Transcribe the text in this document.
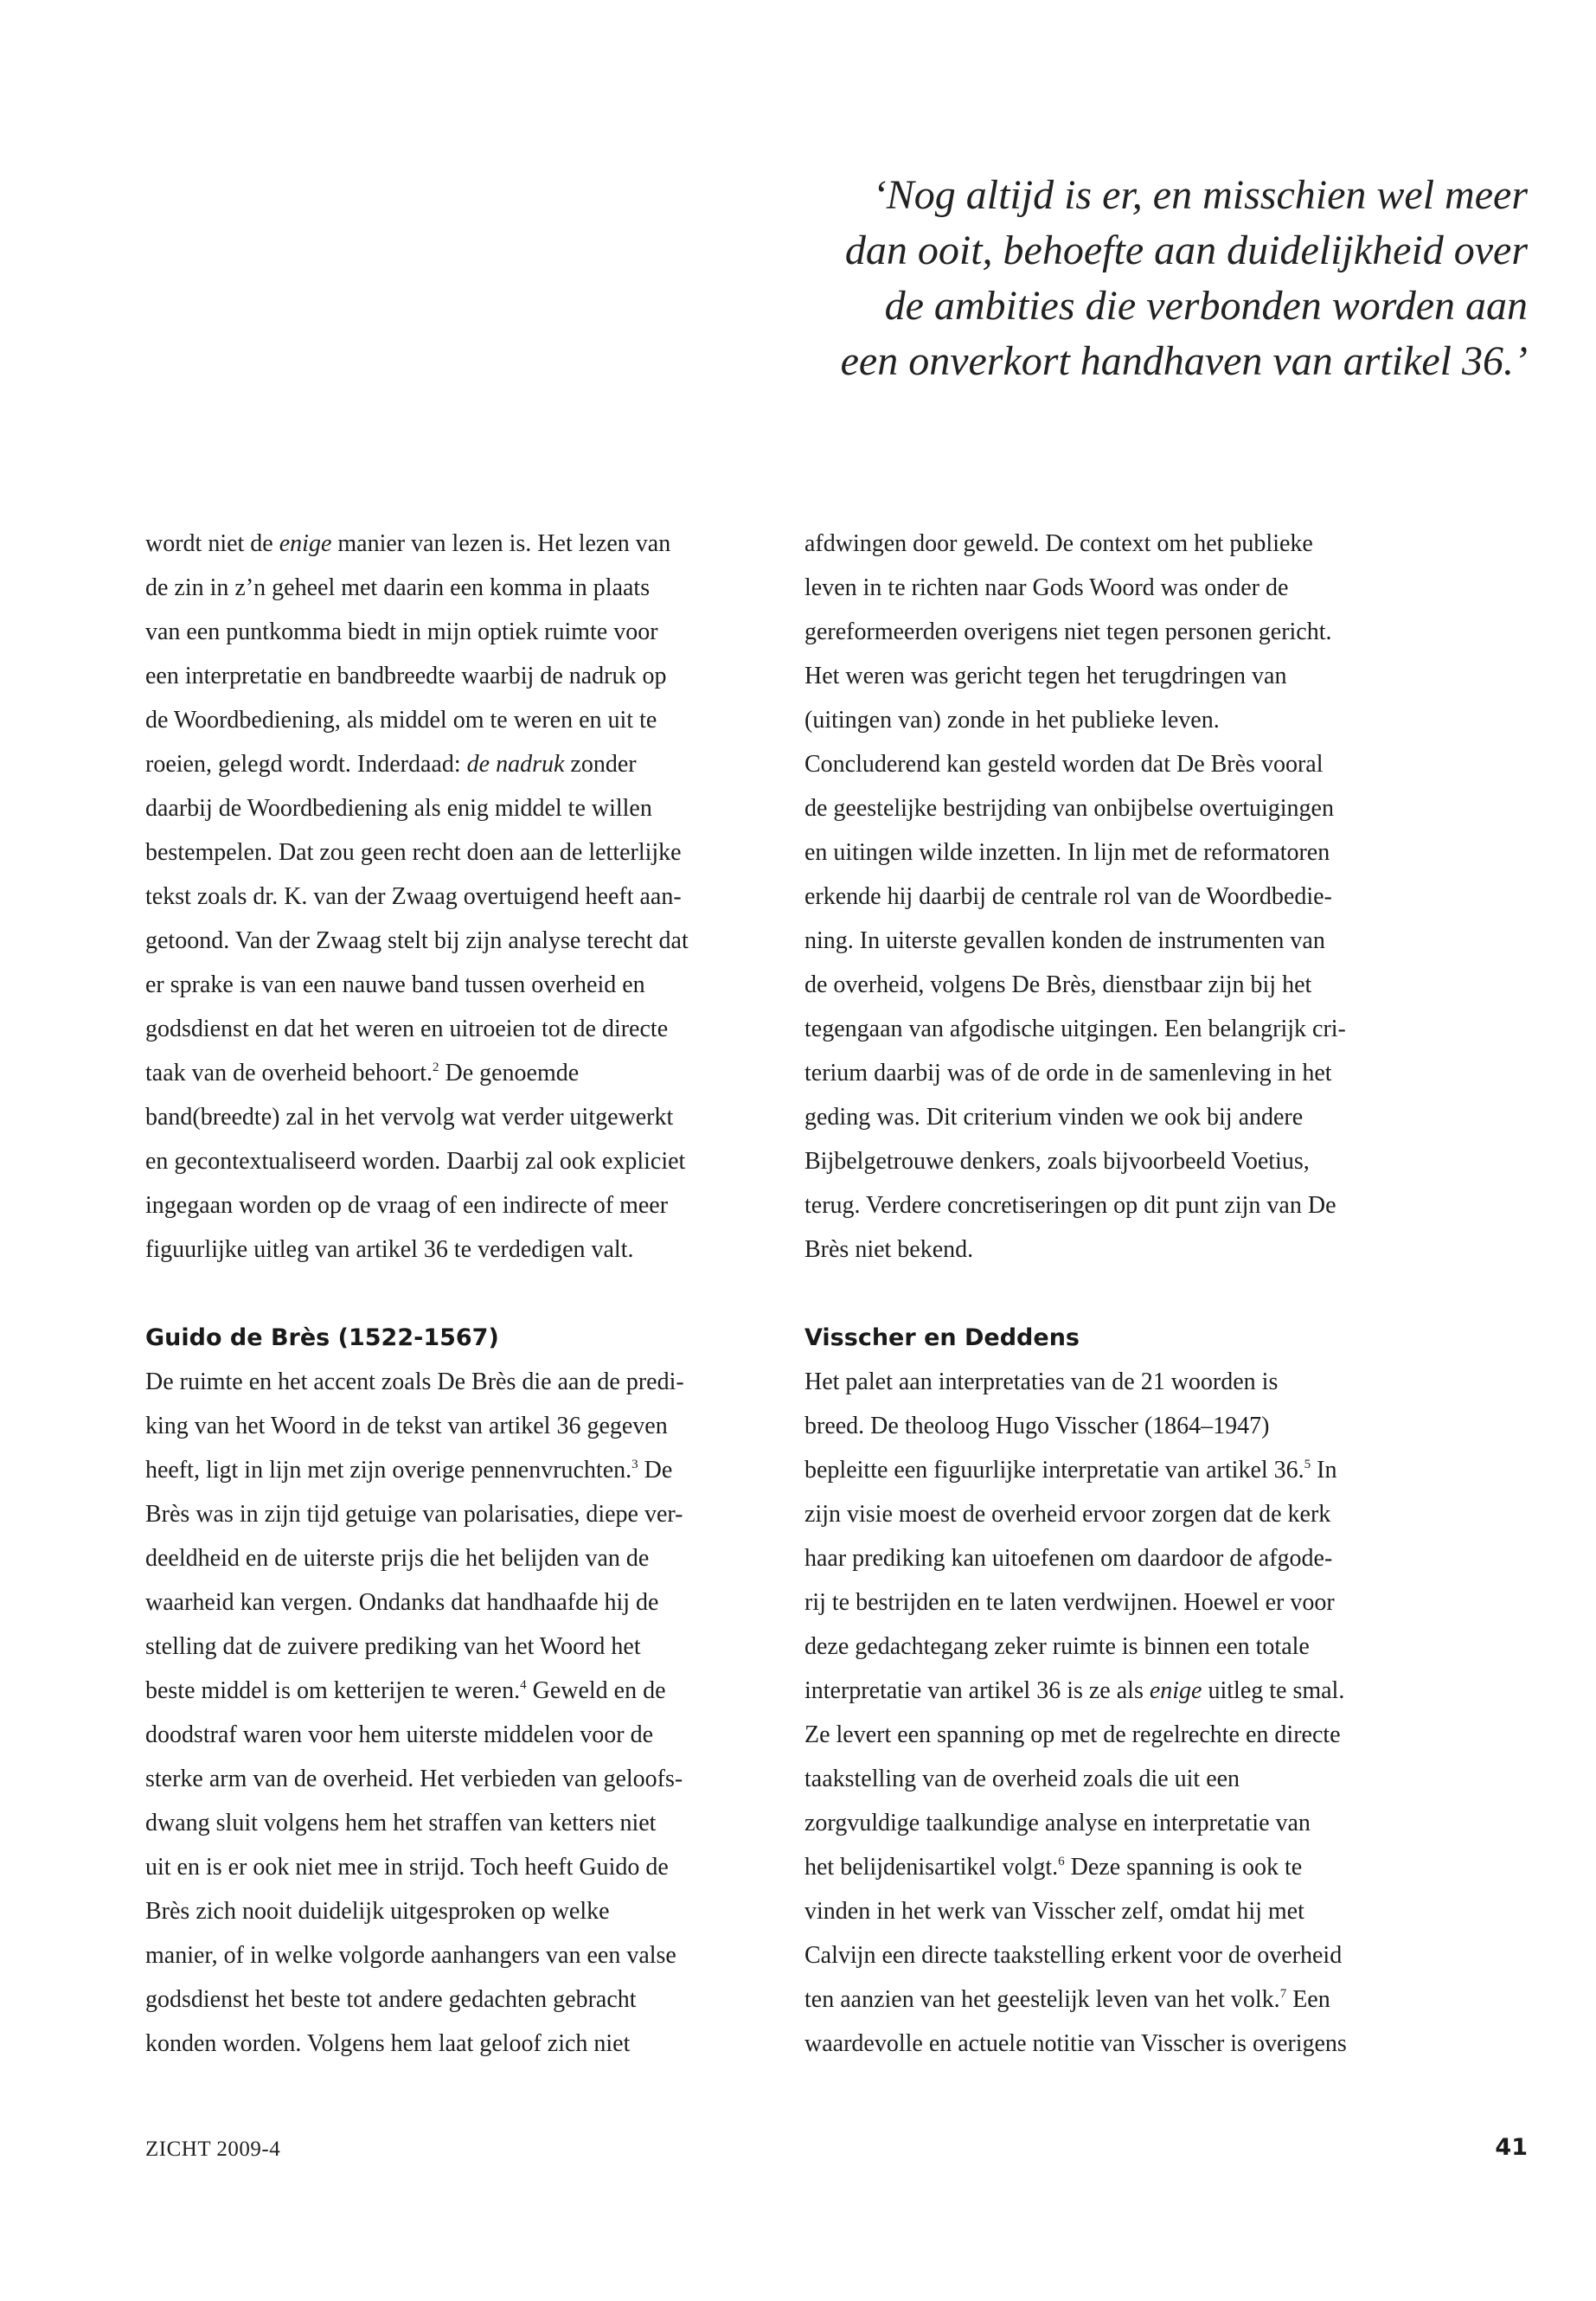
‘Nog altijd is er, en misschien wel meer
dan ooit, behoefte aan duidelijkheid over
de ambities die verbonden worden aan
een onverkort handhaven van artikel 36.’

wordt niet de enige manier van lezen is. Het lezen van
de zin in z’n geheel met daarin een komma in plaats
van een puntkomma biedt in mijn optiek ruimte voor
een interpretatie en bandbreedte waarbij de nadruk op
de Woordbediening, als middel om te weren en uit te
roeien, gelegd wordt. Inderdaad: de nadruk zonder
daarbij de Woordbediening als enig middel te willen
bestempelen. Dat zou geen recht doen aan de letterlijke
tekst zoals dr. K. van der Zwaag overtuigend heeft aan-
getoond. Van der Zwaag stelt bij zijn analyse terecht dat
er sprake is van een nauwe band tussen overheid en
godsdienst en dat het weren en uitroeien tot de directe
taak van de overheid behoort.$^2$ De genoemde
band(breedte) zal in het vervolg wat verder uitgewerkt
en gecontextualiseerd worden. Daarbij zal ook expliciet
ingegaan worden op de vraag of een indirecte of meer
figuurlijke uitleg van artikel 36 te verdedigen valt.

Guido de Brès (1522-1567)

De ruimte en het accent zoals De Brès die aan de predi-
king van het Woord in de tekst van artikel 36 gegeven
heeft, ligt in lijn met zijn overige pennenvruchten.$^3$ De
Brès was in zijn tijd getuige van polarisaties, diepe ver-
deeldheid en de uiterste prijs die het belijden van de
waarheid kan vergen. Ondanks dat handhaafde hij de
stelling dat de zuivere prediking van het Woord het
beste middel is om ketterijen te weren.$^4$ Geweld en de
doodstraf waren voor hem uiterste middelen voor de
sterke arm van de overheid. Het verbieden van geloofs-
dwang sluit volgens hem het straffen van ketters niet
uit en is er ook niet mee in strijd. Toch heeft Guido de
Brès zich nooit duidelijk uitgesproken op welke
manier, of in welke volgorde aanhangers van een valse
godsdienst het beste tot andere gedachten gebracht
konden worden. Volgens hem laat geloof zich niet

afdwingen door geweld. De context om het publieke
leven in te richten naar Gods Woord was onder de
gereformeerden overigens niet tegen personen gericht.
Het weren was gericht tegen het terugdringen van
(uitingen van) zonde in het publieke leven.
Concluderend kan gesteld worden dat De Brès vooral
de geestelijke bestrijding van onbijbelse overtuigingen
en uitingen wilde inzetten. In lijn met de reformatoren
erkende hij daarbij de centrale rol van de Woordbedie-
ning. In uiterste gevallen konden de instrumenten van
de overheid, volgens De Brès, dienstbaar zijn bij het
tegengaan van afgodische uitgingen. Een belangrijk cri-
terium daarbij was of de orde in de samenleving in het
geding was. Dit criterium vinden we ook bij andere
Bijbelgetrouwe denkers, zoals bijvoorbeeld Voetius,
terug. Verdere concretiseringen op dit punt zijn van De
Brès niet bekend.

Visscher en Deddens

Het palet aan interpretaties van de 21 woorden is
breed. De theoloog Hugo Visscher (1864–1947)
bepleitte een figuurlijke interpretatie van artikel 36.$^5$ In
zijn visie moest de overheid ervoor zorgen dat de kerk
haar prediking kan uitoefenen om daardoor de afgode-
rij te bestrijden en te laten verdwijnen. Hoewel er voor
deze gedachtegang zeker ruimte is binnen een totale
interpretatie van artikel 36 is ze als enige uitleg te smal.
Ze levert een spanning op met de regelrechte en directe
taakstelling van de overheid zoals die uit een
zorgvuldige taalkundige analyse en interpretatie van
het belijdenisartikel volgt.$^6$ Deze spanning is ook te
vinden in het werk van Visscher zelf, omdat hij met
Calvijn een directe taakstelling erkent voor de overheid
ten aanzien van het geestelijk leven van het volk.$^7$ Een
waardevolle en actuele notitie van Visscher is overigens

ZICHT 2009-4	41
